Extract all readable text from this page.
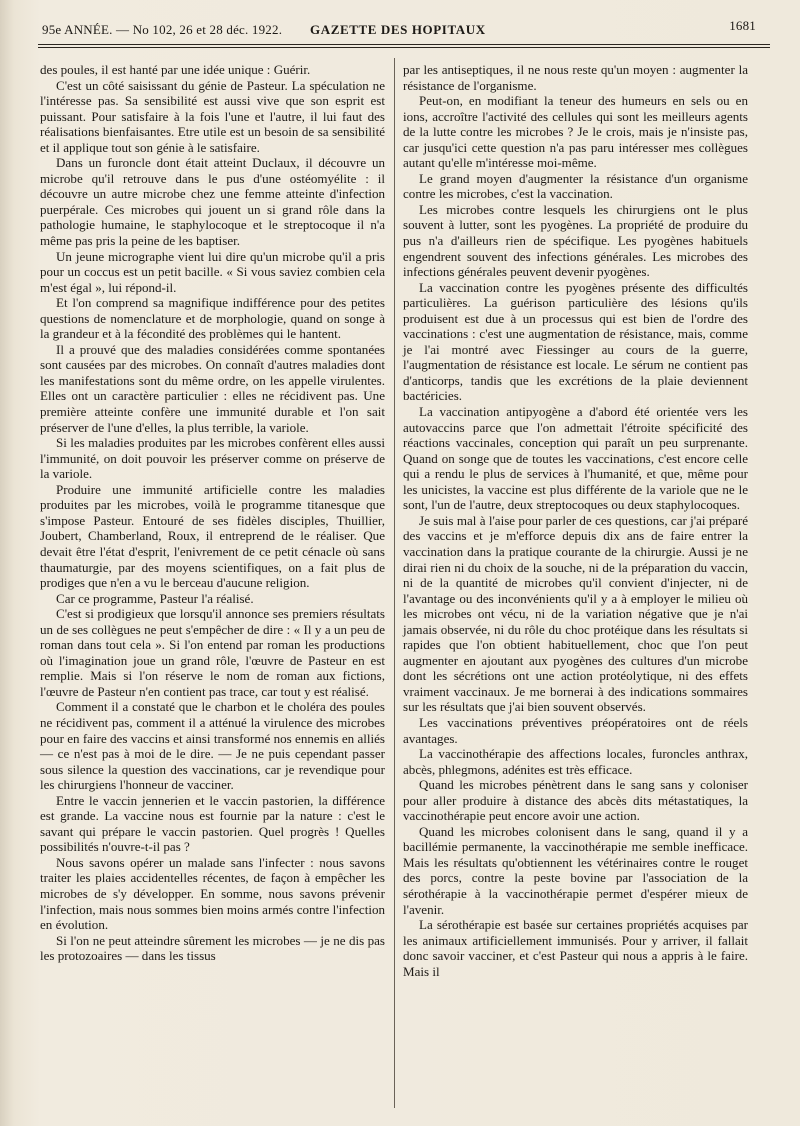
95e ANNÉE. — No 102, 26 et 28 déc. 1922. GAZETTE DES HOPITAUX	1681

des poules, il est hanté par une idée unique : Guérir.

C'est un côté saisissant du génie de Pasteur. La spéculation ne l'intéresse pas. Sa sensibilité est aussi vive que son esprit est puissant. Pour satisfaire à la fois l'une et l'autre, il lui faut des réalisations bienfaisantes. Etre utile est un besoin de sa sensibilité et il applique tout son génie à le satisfaire.

Dans un furoncle dont était atteint Duclaux, il découvre un microbe qu'il retrouve dans le pus d'une ostéomyélite : il découvre un autre microbe chez une femme atteinte d'infection puerpérale. Ces microbes qui jouent un si grand rôle dans la pathologie humaine, le staphylocoque et le streptocoque il n'a même pas pris la peine de les baptiser.

Un jeune micrographe vient lui dire qu'un microbe qu'il a pris pour un coccus est un petit bacille. « Si vous saviez combien cela m'est égal », lui répond-il.

Et l'on comprend sa magnifique indifférence pour des petites questions de nomenclature et de morphologie, quand on songe à la grandeur et à la fécondité des problèmes qui le hantent.

Il a prouvé que des maladies considérées comme spontanées sont causées par des microbes. On connaît d'autres maladies dont les manifestations sont du même ordre, on les appelle virulentes. Elles ont un caractère particulier : elles ne récidivent pas. Une première atteinte confère une immunité durable et l'on sait préserver de l'une d'elles, la plus terrible, la variole.

Si les maladies produites par les microbes confèrent elles aussi l'immunité, on doit pouvoir les préserver comme on préserve de la variole.

Produire une immunité artificielle contre les maladies produites par les microbes, voilà le programme titanesque que s'impose Pasteur. Entouré de ses fidèles disciples, Thuillier, Joubert, Chamberland, Roux, il entreprend de le réaliser. Que devait être l'état d'esprit, l'enivrement de ce petit cénacle où sans thaumaturgie, par des moyens scientifiques, on a fait plus de prodiges que n'en a vu le berceau d'aucune religion.

Car ce programme, Pasteur l'a réalisé.

C'est si prodigieux que lorsqu'il annonce ses premiers résultats un de ses collègues ne peut s'empêcher de dire : « Il y a un peu de roman dans tout cela ». Si l'on entend par roman les productions où l'imagination joue un grand rôle, l'œuvre de Pasteur en est remplie. Mais si l'on réserve le nom de roman aux fictions, l'œuvre de Pasteur n'en contient pas trace, car tout y est réalisé.

Comment il a constaté que le charbon et le choléra des poules ne récidivent pas, comment il a atténué la virulence des microbes pour en faire des vaccins et ainsi transformé nos ennemis en alliés — ce n'est pas à moi de le dire. — Je ne puis cependant passer sous silence la question des vaccinations, car je revendique pour les chirurgiens l'honneur de vacciner.

Entre le vaccin jennerien et le vaccin pastorien, la différence est grande. La vaccine nous est fournie par la nature : c'est le savant qui prépare le vaccin pastorien. Quel progrès ! Quelles possibilités n'ouvre-t-il pas ?

Nous savons opérer un malade sans l'infecter : nous savons traiter les plaies accidentelles récentes, de façon à empêcher les microbes de s'y développer. En somme, nous savons prévenir l'infection, mais nous sommes bien moins armés contre l'infection en évolution.

Si l'on ne peut atteindre sûrement les microbes — je ne dis pas les protozoaires — dans les tissus

par les antiseptiques, il ne nous reste qu'un moyen : augmenter la résistance de l'organisme.

Peut-on, en modifiant la teneur des humeurs en sels ou en ions, accroître l'activité des cellules qui sont les meilleurs agents de la lutte contre les microbes ? Je le crois, mais je n'insiste pas, car jusqu'ici cette question n'a pas paru intéresser mes collègues autant qu'elle m'intéresse moi-même.

Le grand moyen d'augmenter la résistance d'un organisme contre les microbes, c'est la vaccination.

Les microbes contre lesquels les chirurgiens ont le plus souvent à lutter, sont les pyogènes. La propriété de produire du pus n'a d'ailleurs rien de spécifique. Les pyogènes habituels engendrent souvent des infections générales. Les microbes des infections générales peuvent devenir pyogènes.

La vaccination contre les pyogènes présente des difficultés particulières. La guérison particulière des lésions qu'ils produisent est due à un processus qui est bien de l'ordre des vaccinations : c'est une augmentation de résistance, mais, comme je l'ai montré avec Fiessinger au cours de la guerre, l'augmentation de résistance est locale. Le sérum ne contient pas d'anticorps, tandis que les excrétions de la plaie deviennent bactéricies.

La vaccination antipyogène a d'abord été orientée vers les autovaccins parce que l'on admettait l'étroite spécificité des réactions vaccinales, conception qui paraît un peu surprenante. Quand on songe que de toutes les vaccinations, c'est encore celle qui a rendu le plus de services à l'humanité, et que, même pour les unicistes, la vaccine est plus différente de la variole que ne le sont, l'un de l'autre, deux streptocoques ou deux staphylocoques.

Je suis mal à l'aise pour parler de ces questions, car j'ai préparé des vaccins et je m'efforce depuis dix ans de faire entrer la vaccination dans la pratique courante de la chirurgie. Aussi je ne dirai rien ni du choix de la souche, ni de la préparation du vaccin, ni de la quantité de microbes qu'il convient d'injecter, ni de l'avantage ou des inconvénients qu'il y a à employer le milieu où les microbes ont vécu, ni de la variation négative que je n'ai jamais observée, ni du rôle du choc protéique dans les résultats si rapides que l'on obtient habituellement, choc que l'on peut augmenter en ajoutant aux pyogènes des cultures d'un microbe dont les sécrétions ont une action protéolytique, ni des effets vraiment vaccinaux. Je me bornerai à des indications sommaires sur les résultats que j'ai bien souvent observés.

Les vaccinations préventives préopératoires ont de réels avantages.

La vaccinothérapie des affections locales, furoncles anthrax, abcès, phlegmons, adénites est très efficace.

Quand les microbes pénètrent dans le sang sans y coloniser pour aller produire à distance des abcès dits métastatiques, la vaccinothérapie peut encore avoir une action.

Quand les microbes colonisent dans le sang, quand il y a bacillémie permanente, la vaccinothérapie me semble inefficace. Mais les résultats qu'obtiennent les vétérinaires contre le rouget des porcs, contre la peste bovine par l'association de la sérothérapie à la vaccinothérapie permet d'espérer mieux de l'avenir.

La sérothérapie est basée sur certaines propriétés acquises par les animaux artificiellement immunisés. Pour y arriver, il fallait donc savoir vacciner, et c'est Pasteur qui nous a appris à le faire. Mais il
